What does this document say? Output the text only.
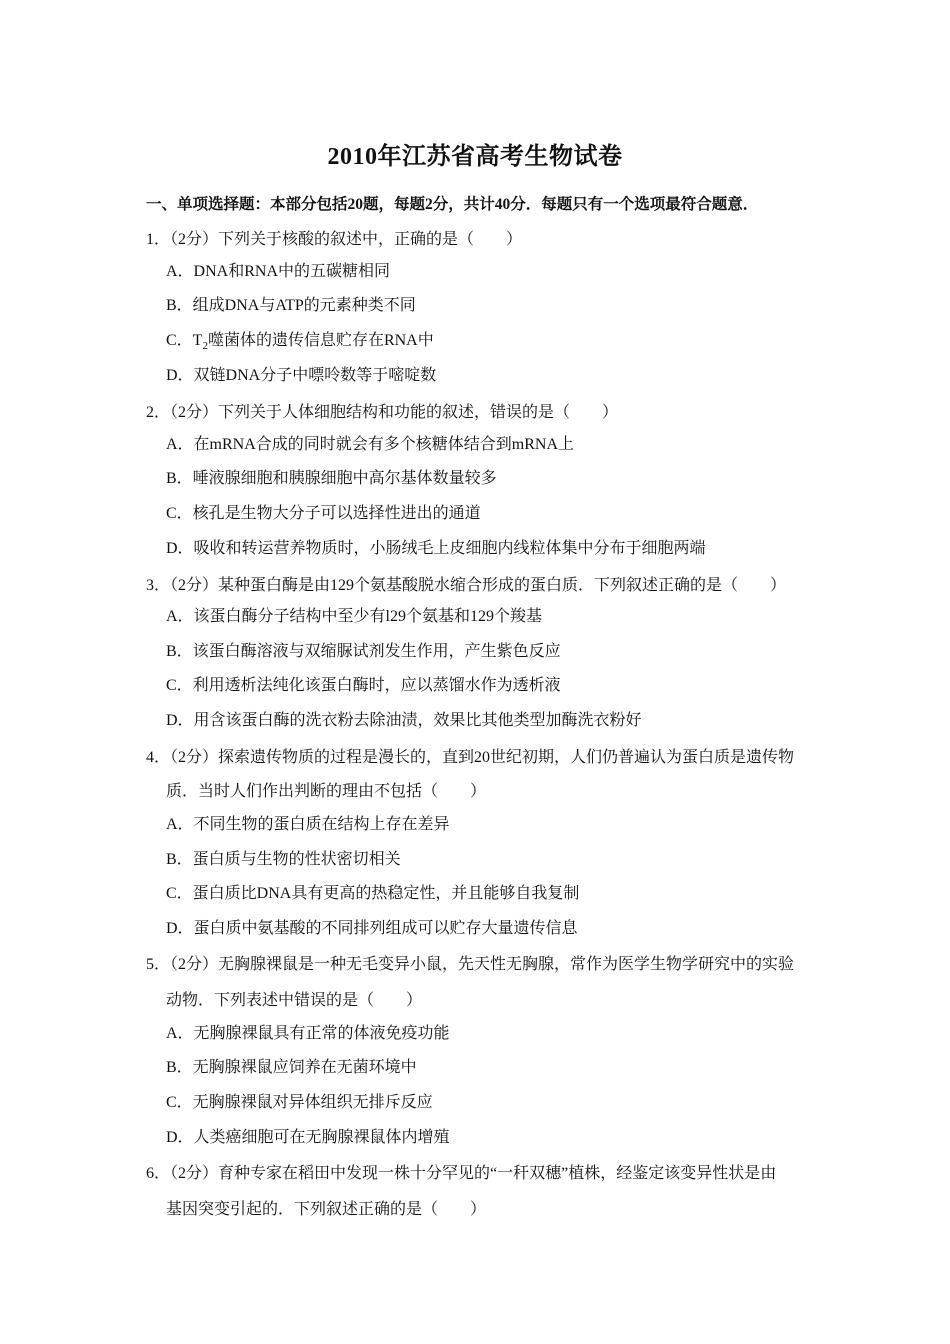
2010年江苏省高考生物试卷
一、单项选择题：本部分包括20题，每题2分，共计40分．每题只有一个选项最符合题意．
1．（2分）下列关于核酸的叙述中，正确的是（　　）
A．DNA和RNA中的五碳糖相同
B．组成DNA与ATP的元素种类不同
C．$T_2$噬菌体的遗传信息贮存在RNA中
D．双链DNA分子中嘌呤数等于嘧啶数
2．（2分）下列关于人体细胞结构和功能的叙述，错误的是（　　）
A．在mRNA合成的同时就会有多个核糖体结合到mRNA上
B．唾液腺细胞和胰腺细胞中高尔基体数量较多
C．核孔是生物大分子可以选择性进出的通道
D．吸收和转运营养物质时，小肠绒毛上皮细胞内线粒体集中分布于细胞两端
3．（2分）某种蛋白酶是由129个氨基酸脱水缩合形成的蛋白质．下列叙述正确的是（　　）
A．该蛋白酶分子结构中至少有l29个氨基和129个羧基
B．该蛋白酶溶液与双缩脲试剂发生作用，产生紫色反应
C．利用透析法纯化该蛋白酶时，应以蒸馏水作为透析液
D．用含该蛋白酶的洗衣粉去除油渍，效果比其他类型加酶洗衣粉好
4．（2分）探索遗传物质的过程是漫长的，直到20世纪初期，人们仍普遍认为蛋白质是遗传物
质．当时人们作出判断的理由不包括（　　）
A．不同生物的蛋白质在结构上存在差异
B．蛋白质与生物的性状密切相关
C．蛋白质比DNA具有更高的热稳定性，并且能够自我复制
D．蛋白质中氨基酸的不同排列组成可以贮存大量遗传信息
5．（2分）无胸腺裸鼠是一种无毛变异小鼠，先天性无胸腺，常作为医学生物学研究中的实验
动物．下列表述中错误的是（　　）
A．无胸腺裸鼠具有正常的体液免疫功能
B．无胸腺裸鼠应饲养在无菌环境中
C．无胸腺裸鼠对异体组织无排斥反应
D．人类癌细胞可在无胸腺裸鼠体内增殖
6．（2分）育种专家在稻田中发现一株十分罕见的“一秆双穗”植株，经鉴定该变异性状是由
基因突变引起的．下列叙述正确的是（　　）
